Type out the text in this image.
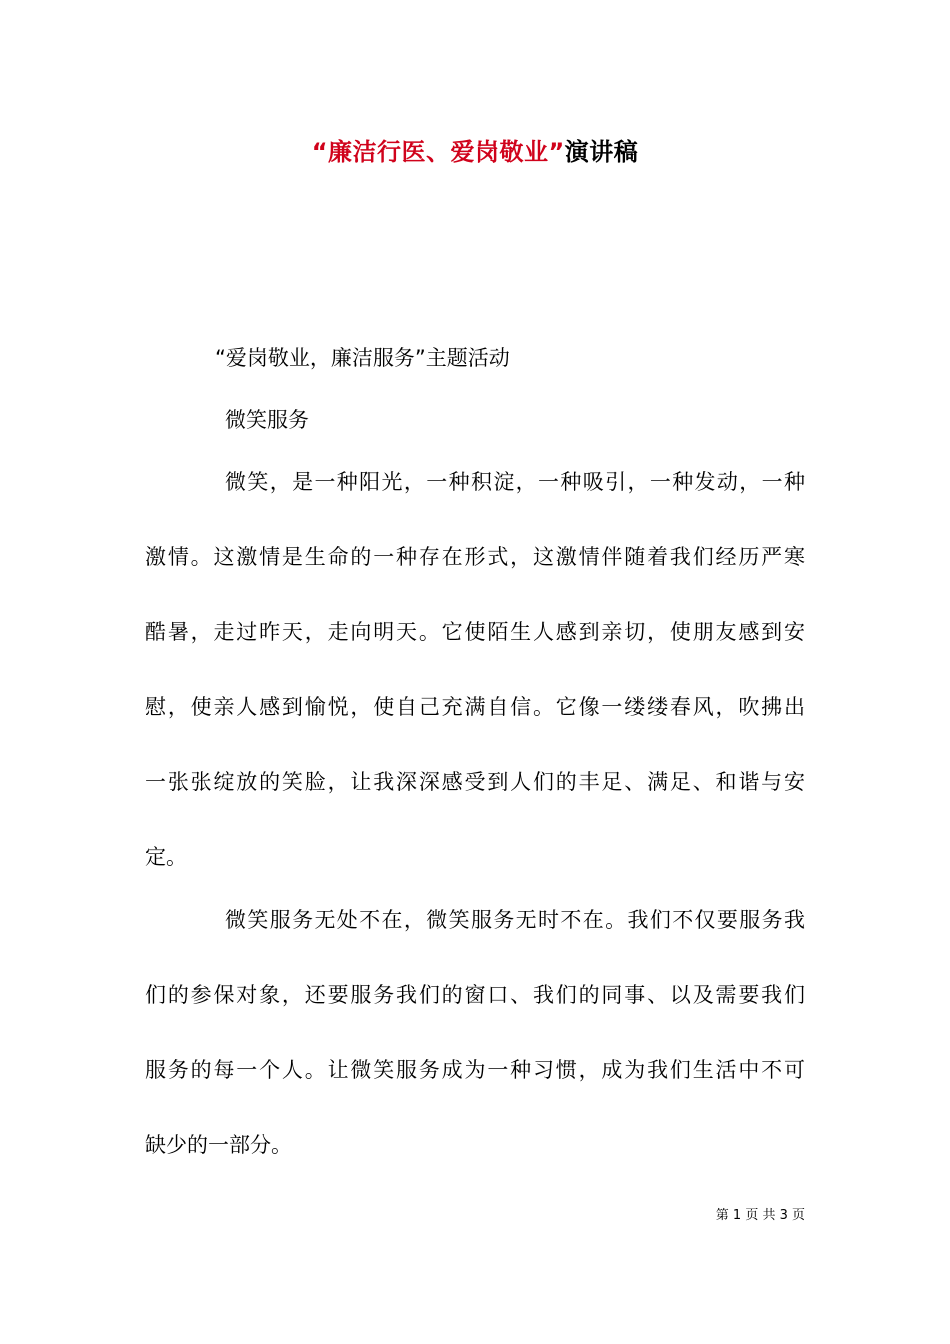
“廉洁行医、爱岗敬业”演讲稿
“爱岗敬业，廉洁服务”主题活动
微笑服务
微笑，是一种阳光，一种积淀，一种吸引，一种发动，一种
激情。这激情是生命的一种存在形式，这激情伴随着我们经历严寒
酷暑，走过昨天，走向明天。它使陌生人感到亲切，使朋友感到安
慰，使亲人感到愉悦，使自己充满自信。它像一缕缕春风，吹拂出
一张张绽放的笑脸，让我深深感受到人们的丰足、满足、和谐与安
定。
微笑服务无处不在，微笑服务无时不在。我们不仅要服务我
们的参保对象，还要服务我们的窗口、我们的同事、以及需要我们
服务的每一个人。让微笑服务成为一种习惯，成为我们生活中不可
缺少的一部分。
第 1 页 共 3 页
